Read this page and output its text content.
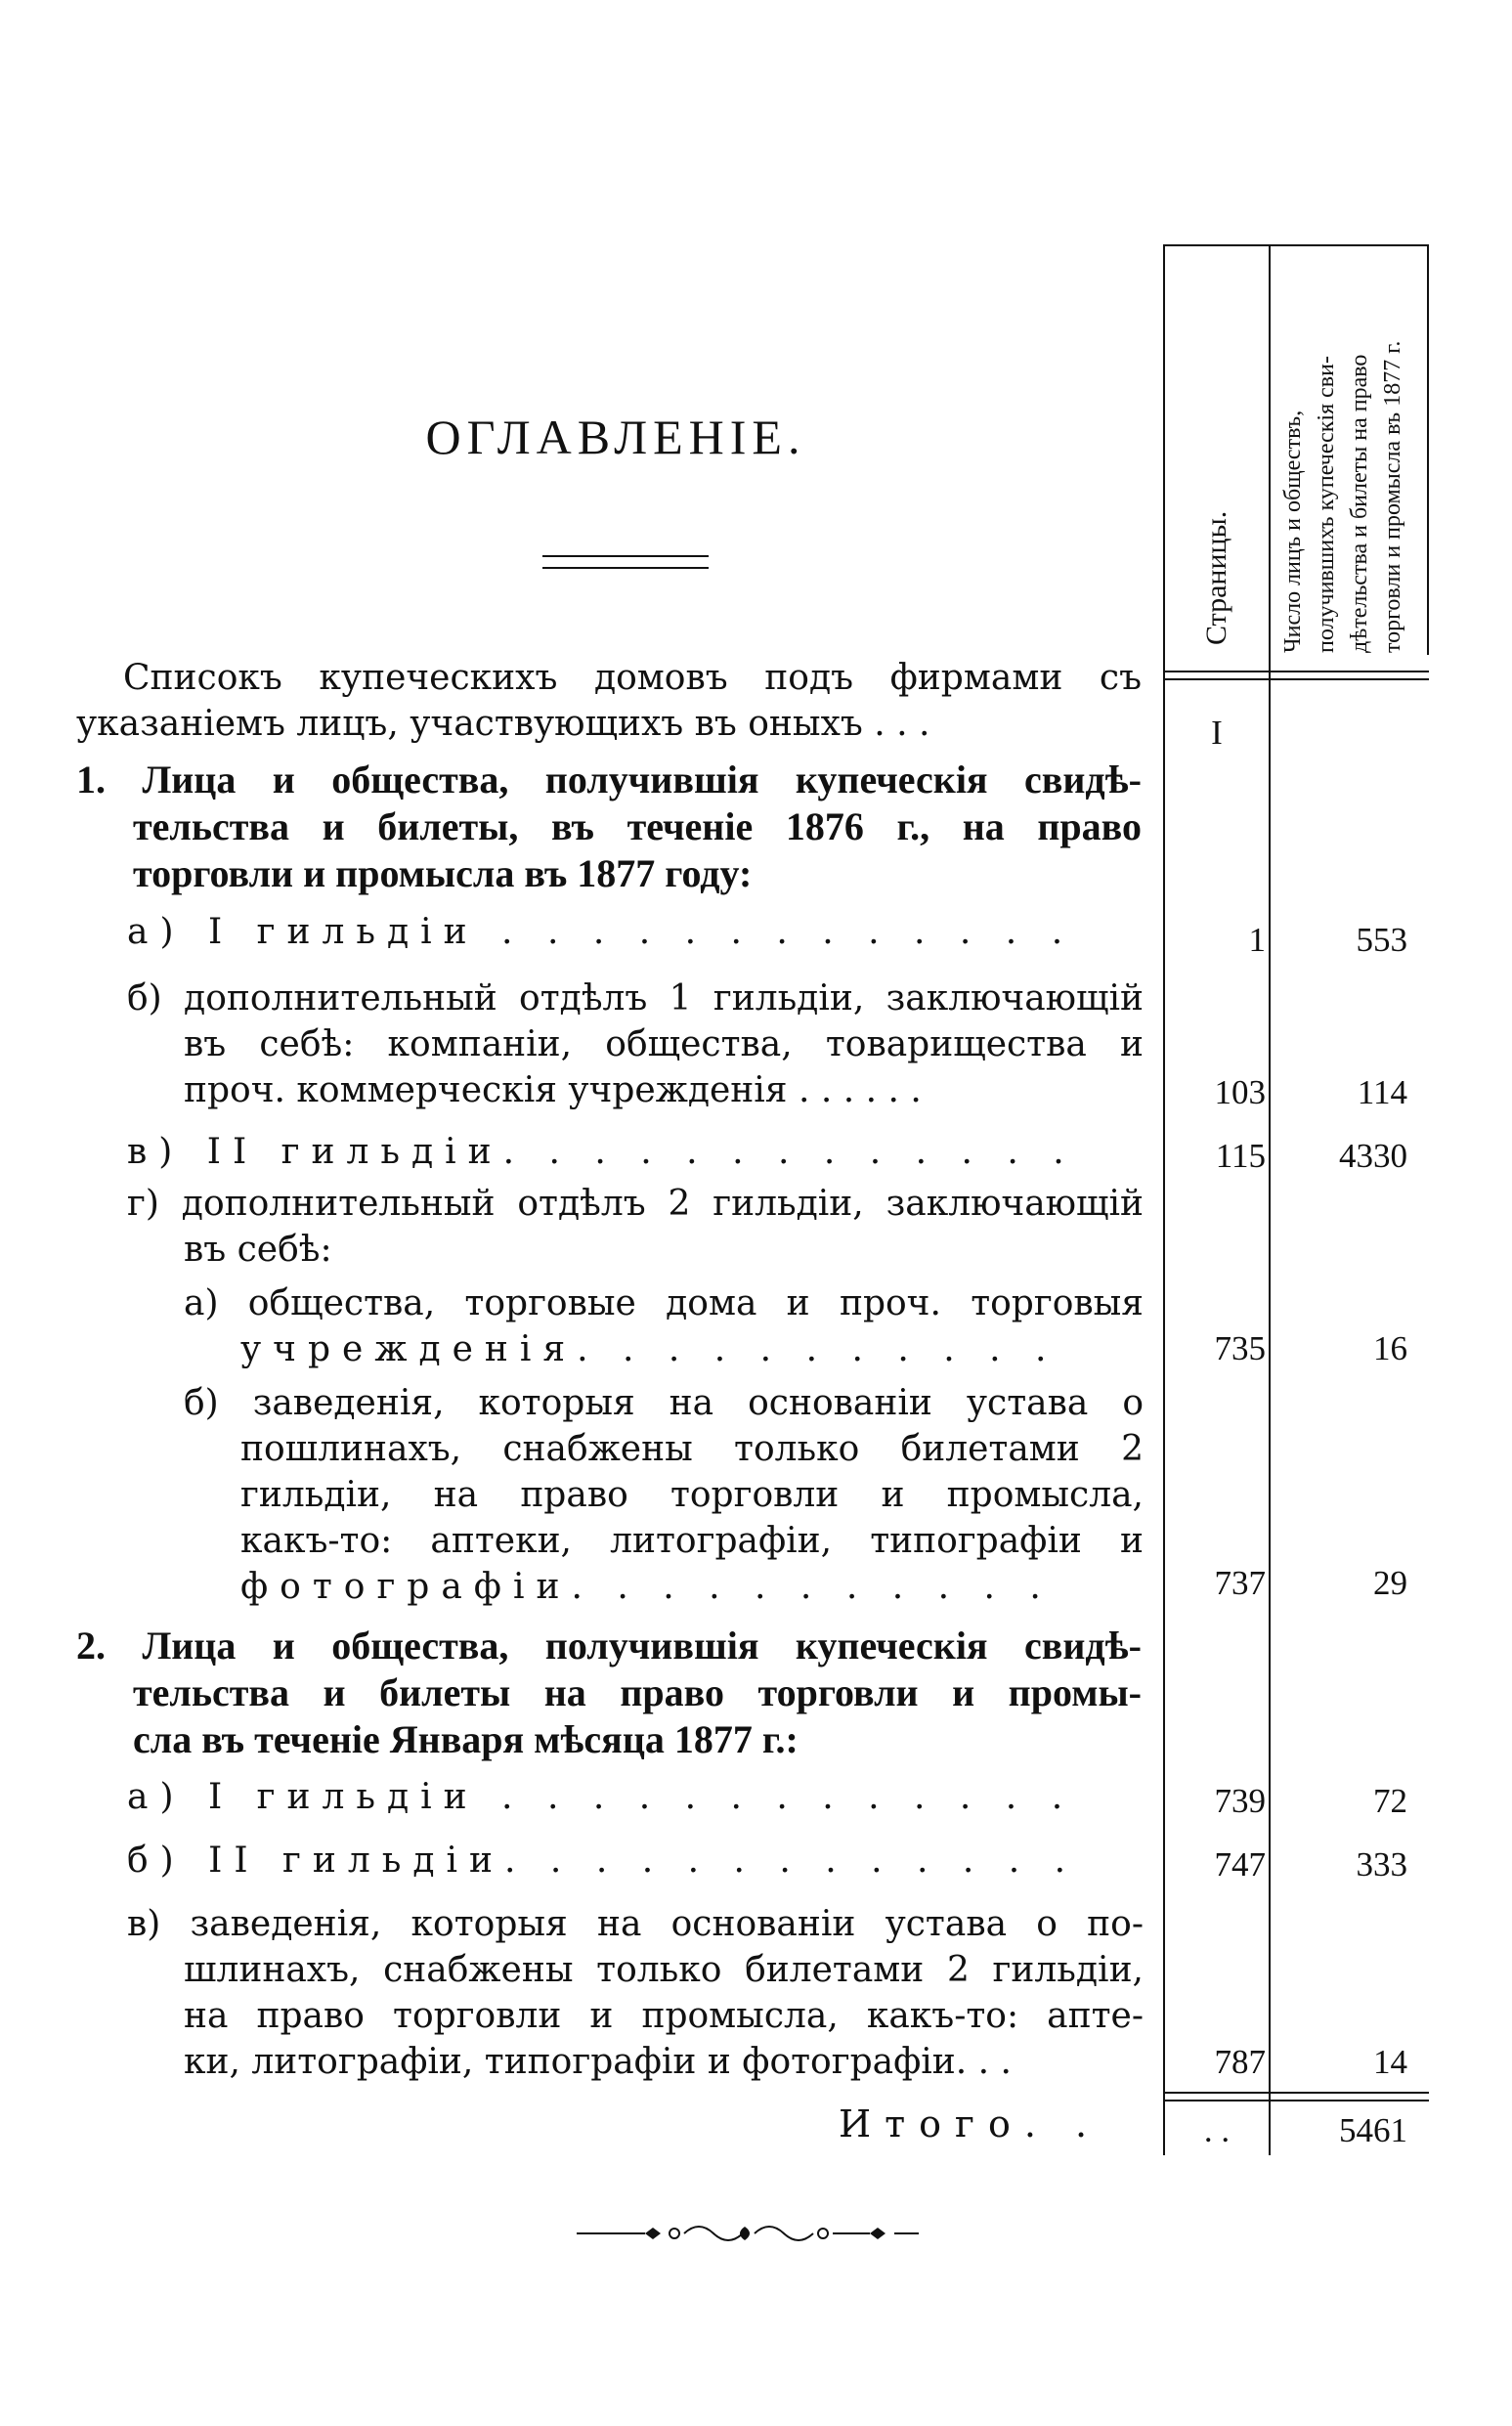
ОГЛАВЛЕНІЕ.
Страницы. Число лицъ и обществъ, получившихъ купеческія сви- дѣтельства и билеты на право торговли и промысла въ 1877 г.
Списокъ купеческихъ домовъ подъ фирмами съ
указаніемъ лицъ, участвующихъ въ оныхъ . . .	I
1. Лица и общества, получившія купеческія свидѣ-
тельства и билеты, въ теченіе 1876 г., на право
торговли и промысла въ 1877 году:
а) I гильдіи . . . . . . . . . . . . .	1	553
б) дополнительный отдѣлъ 1 гильдіи, заключающій
въ себѣ: компаніи, общества, товарищества и
проч. коммерческія учрежденія . . . . . .	103	114
в) II гильдіи. . . . . . . . . . . . .	115	4330
г) дополнительный отдѣлъ 2 гильдіи, заключающій
въ себѣ:
а) общества, торговые дома и проч. торговыя
учрежденія. . . . . . . . . . .	735	16
б) заведенія, которыя на основаніи устава о
пошлинахъ, снабжены только билетами 2
гильдіи, на право торговли и промысла,
какъ-то: аптеки, литографіи, типографіи и
фотографіи. . . . . . . . . . .	737	29
2. Лица и общества, получившія купеческія свидѣ-
тельства и билеты на право торговли и промы-
сла въ теченіе Января мѣсяца 1877 г.:
а) I гильдіи . . . . . . . . . . . . .	739	72
б) II гильдіи. . . . . . . . . . . . .	747	333
в) заведенія, которыя на основаніи устава о по-
шлинахъ, снабжены только билетами 2 гильдіи,
на право торговли и промысла, какъ-то: апте-
ки, литографіи, типографіи и фотографіи. . .	787	14
Итого. .	. .	5461
